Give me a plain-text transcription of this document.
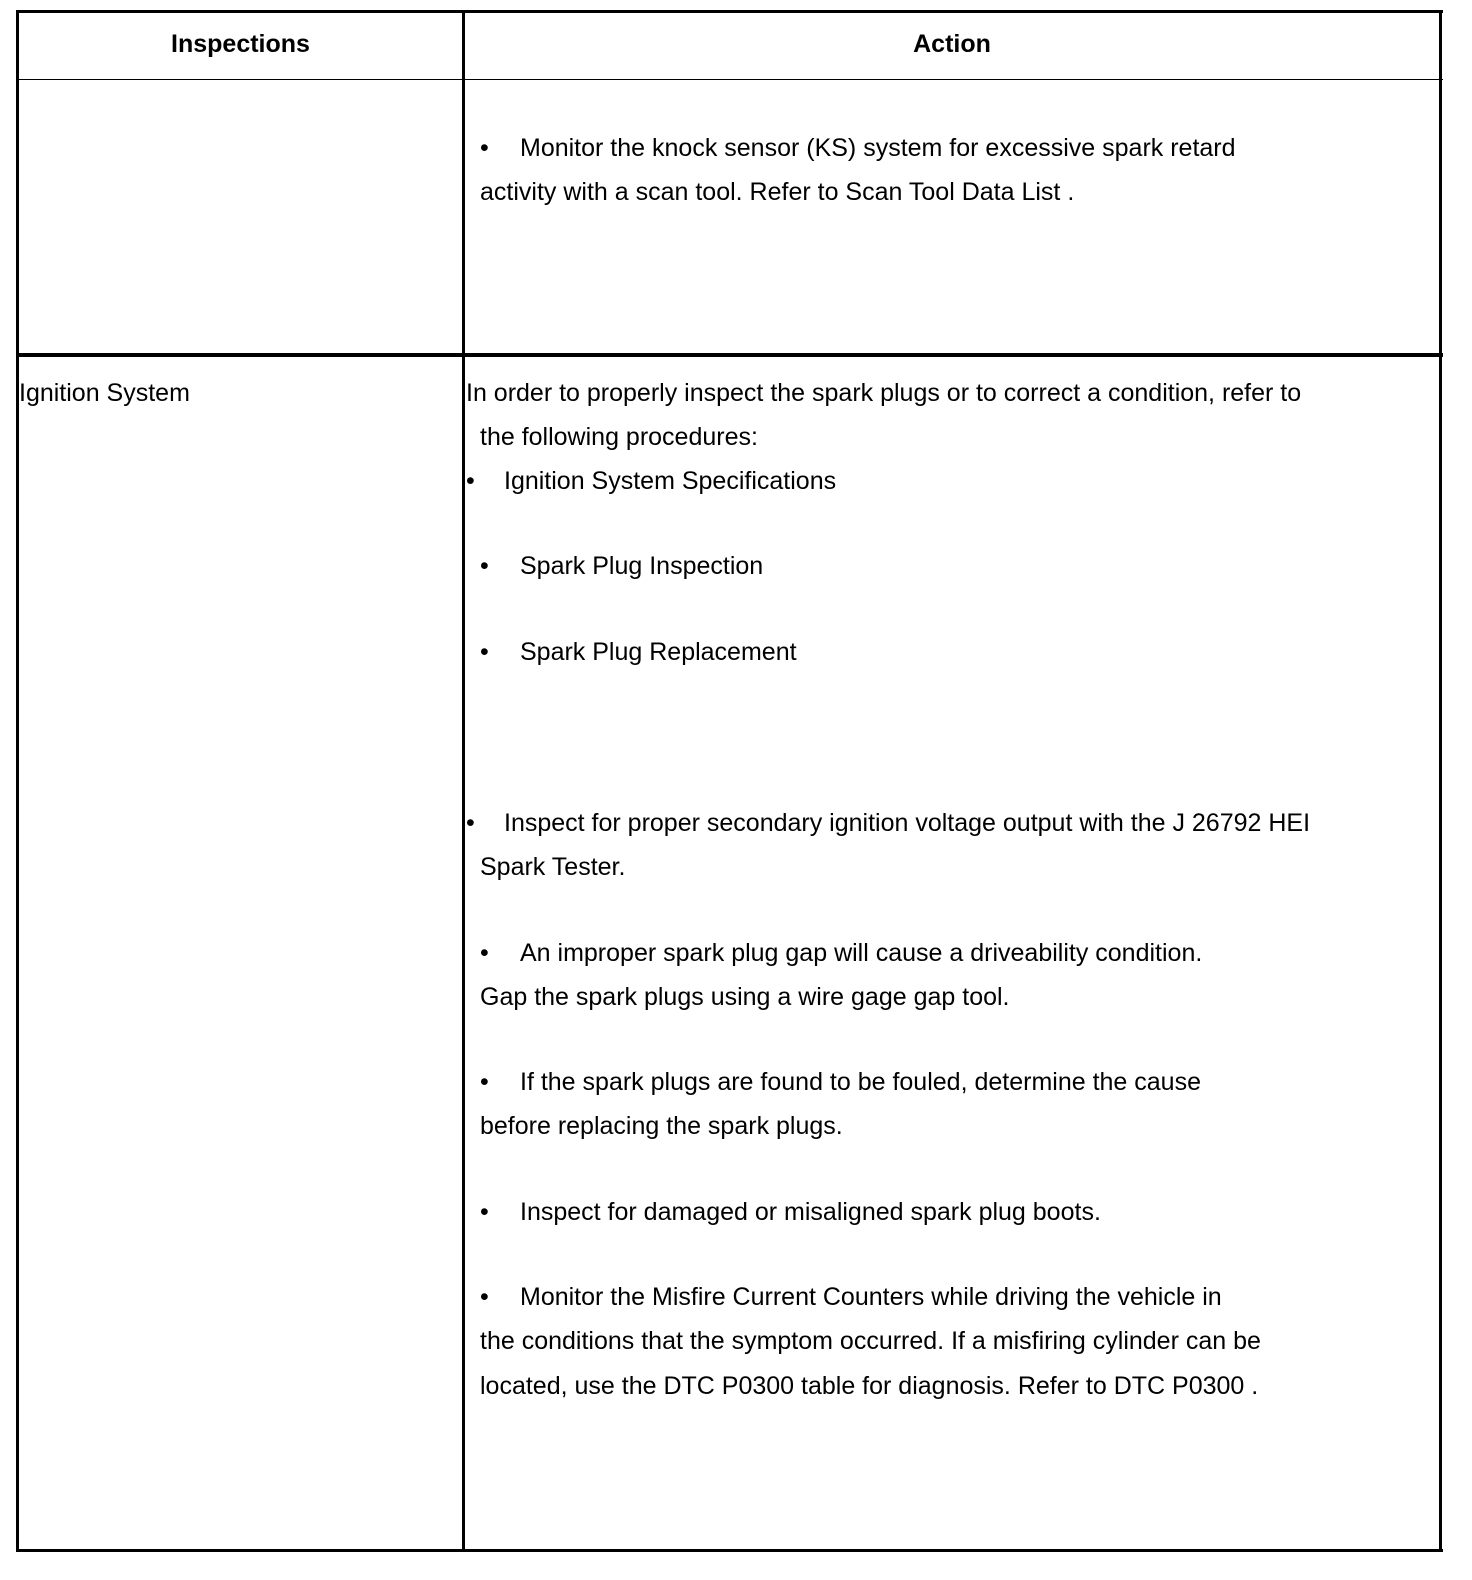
Inspections	Action
• Monitor the knock sensor (KS) system for excessive spark retard
activity with a scan tool. Refer to Scan Tool Data List .
Ignition System	In order to properly inspect the spark plugs or to correct a condition, refer to
the following procedures:
• Ignition System Specifications
• Spark Plug Inspection
• Spark Plug Replacement
• Inspect for proper secondary ignition voltage output with the J 26792 HEI
Spark Tester.
• An improper spark plug gap will cause a driveability condition.
Gap the spark plugs using a wire gage gap tool.
• If the spark plugs are found to be fouled, determine the cause
before replacing the spark plugs.
• Inspect for damaged or misaligned spark plug boots.
• Monitor the Misfire Current Counters while driving the vehicle in
the conditions that the symptom occurred. If a misfiring cylinder can be
located, use the DTC P0300 table for diagnosis. Refer to DTC P0300 .
